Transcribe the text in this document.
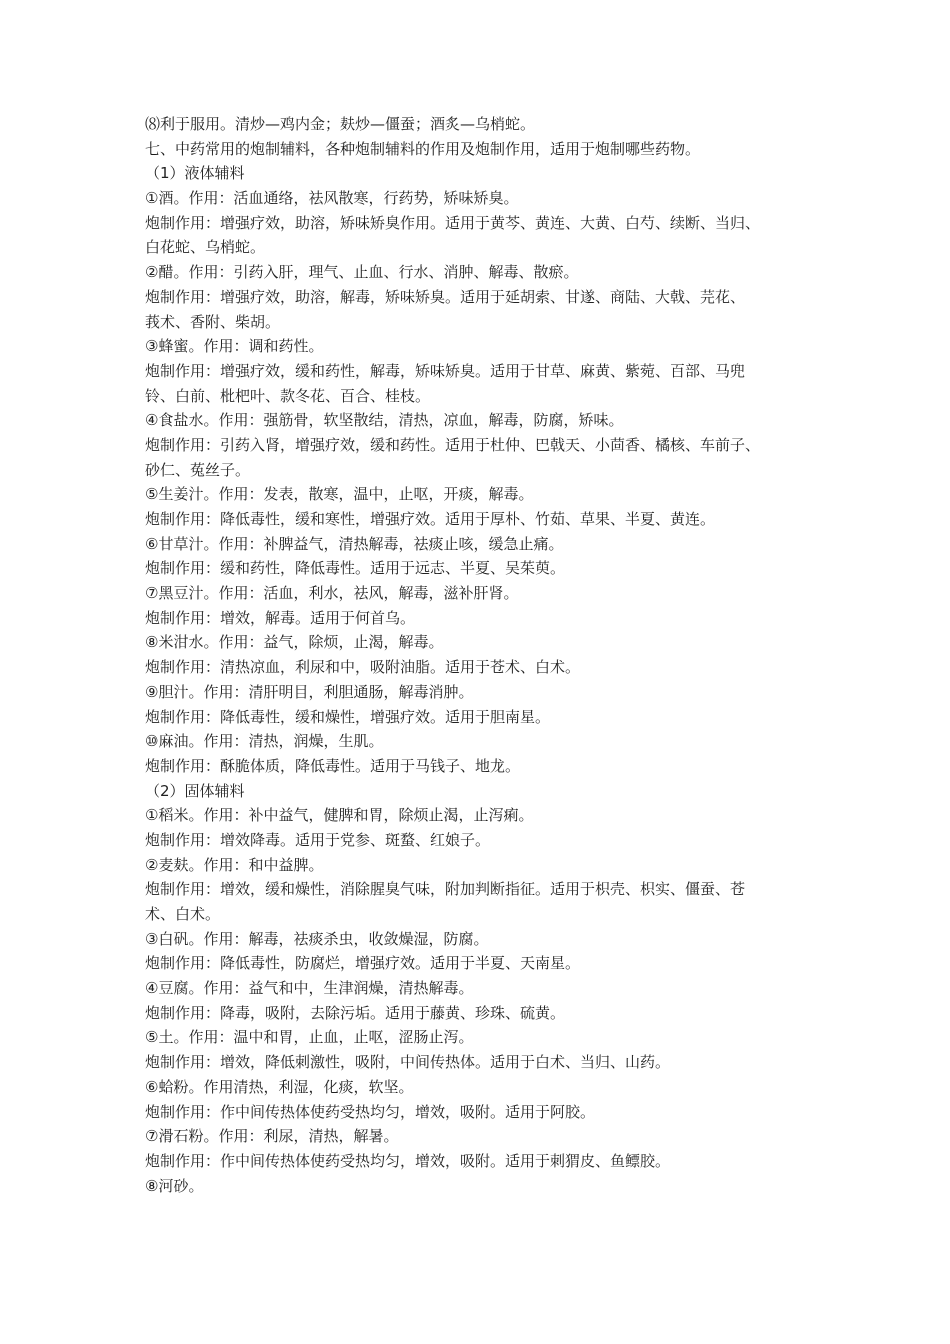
⑻利于服用。清炒—鸡内金；麸炒—僵蚕；酒炙—乌梢蛇。
七、中药常用的炮制辅料，各种炮制辅料的作用及炮制作用，适用于炮制哪些药物。
（1）液体辅料
①酒。作用：活血通络，祛风散寒，行药势，矫味矫臭。
炮制作用：增强疗效，助溶，矫味矫臭作用。适用于黄芩、黄连、大黄、白芍、续断、当归、
白花蛇、乌梢蛇。
②醋。作用：引药入肝，理气、止血、行水、消肿、解毒、散瘀。
炮制作用：增强疗效，助溶，解毒，矫味矫臭。适用于延胡索、甘遂、商陆、大戟、芫花、
莪术、香附、柴胡。
③蜂蜜。作用：调和药性。
炮制作用：增强疗效，缓和药性，解毒，矫味矫臭。适用于甘草、麻黄、紫菀、百部、马兜
铃、白前、枇杷叶、款冬花、百合、桂枝。
④食盐水。作用：强筋骨，软坚散结，清热，凉血，解毒，防腐，矫味。
炮制作用：引药入肾，增强疗效，缓和药性。适用于杜仲、巴戟天、小茴香、橘核、车前子、
砂仁、菟丝子。
⑤生姜汁。作用：发表，散寒，温中，止呕，开痰，解毒。
炮制作用：降低毒性，缓和寒性，增强疗效。适用于厚朴、竹茹、草果、半夏、黄连。
⑥甘草汁。作用：补脾益气，清热解毒，祛痰止咳，缓急止痛。
炮制作用：缓和药性，降低毒性。适用于远志、半夏、吴茱萸。
⑦黑豆汁。作用：活血，利水，祛风，解毒，滋补肝肾。
炮制作用：增效，解毒。适用于何首乌。
⑧米泔水。作用：益气，除烦，止渴，解毒。
炮制作用：清热凉血，利尿和中，吸附油脂。适用于苍术、白术。
⑨胆汁。作用：清肝明目，利胆通肠，解毒消肿。
炮制作用：降低毒性，缓和燥性，增强疗效。适用于胆南星。
⑩麻油。作用：清热，润燥，生肌。
炮制作用：酥脆体质，降低毒性。适用于马钱子、地龙。
（2）固体辅料
①稻米。作用：补中益气，健脾和胃，除烦止渴，止泻痢。
炮制作用：增效降毒。适用于党参、斑蝥、红娘子。
②麦麸。作用：和中益脾。
炮制作用：增效，缓和燥性，消除腥臭气味，附加判断指征。适用于枳壳、枳实、僵蚕、苍
术、白术。
③白矾。作用：解毒，祛痰杀虫，收敛燥湿，防腐。
炮制作用：降低毒性，防腐烂，增强疗效。适用于半夏、天南星。
④豆腐。作用：益气和中，生津润燥，清热解毒。
炮制作用：降毒，吸附，去除污垢。适用于藤黄、珍珠、硫黄。
⑤土。作用：温中和胃，止血，止呕，涩肠止泻。
炮制作用：增效，降低刺激性，吸附，中间传热体。适用于白术、当归、山药。
⑥蛤粉。作用清热，利湿，化痰，软坚。
炮制作用：作中间传热体使药受热均匀，增效，吸附。适用于阿胶。
⑦滑石粉。作用：利尿，清热，解暑。
炮制作用：作中间传热体使药受热均匀，增效，吸附。适用于刺猬皮、鱼鳔胶。
⑧河砂。
